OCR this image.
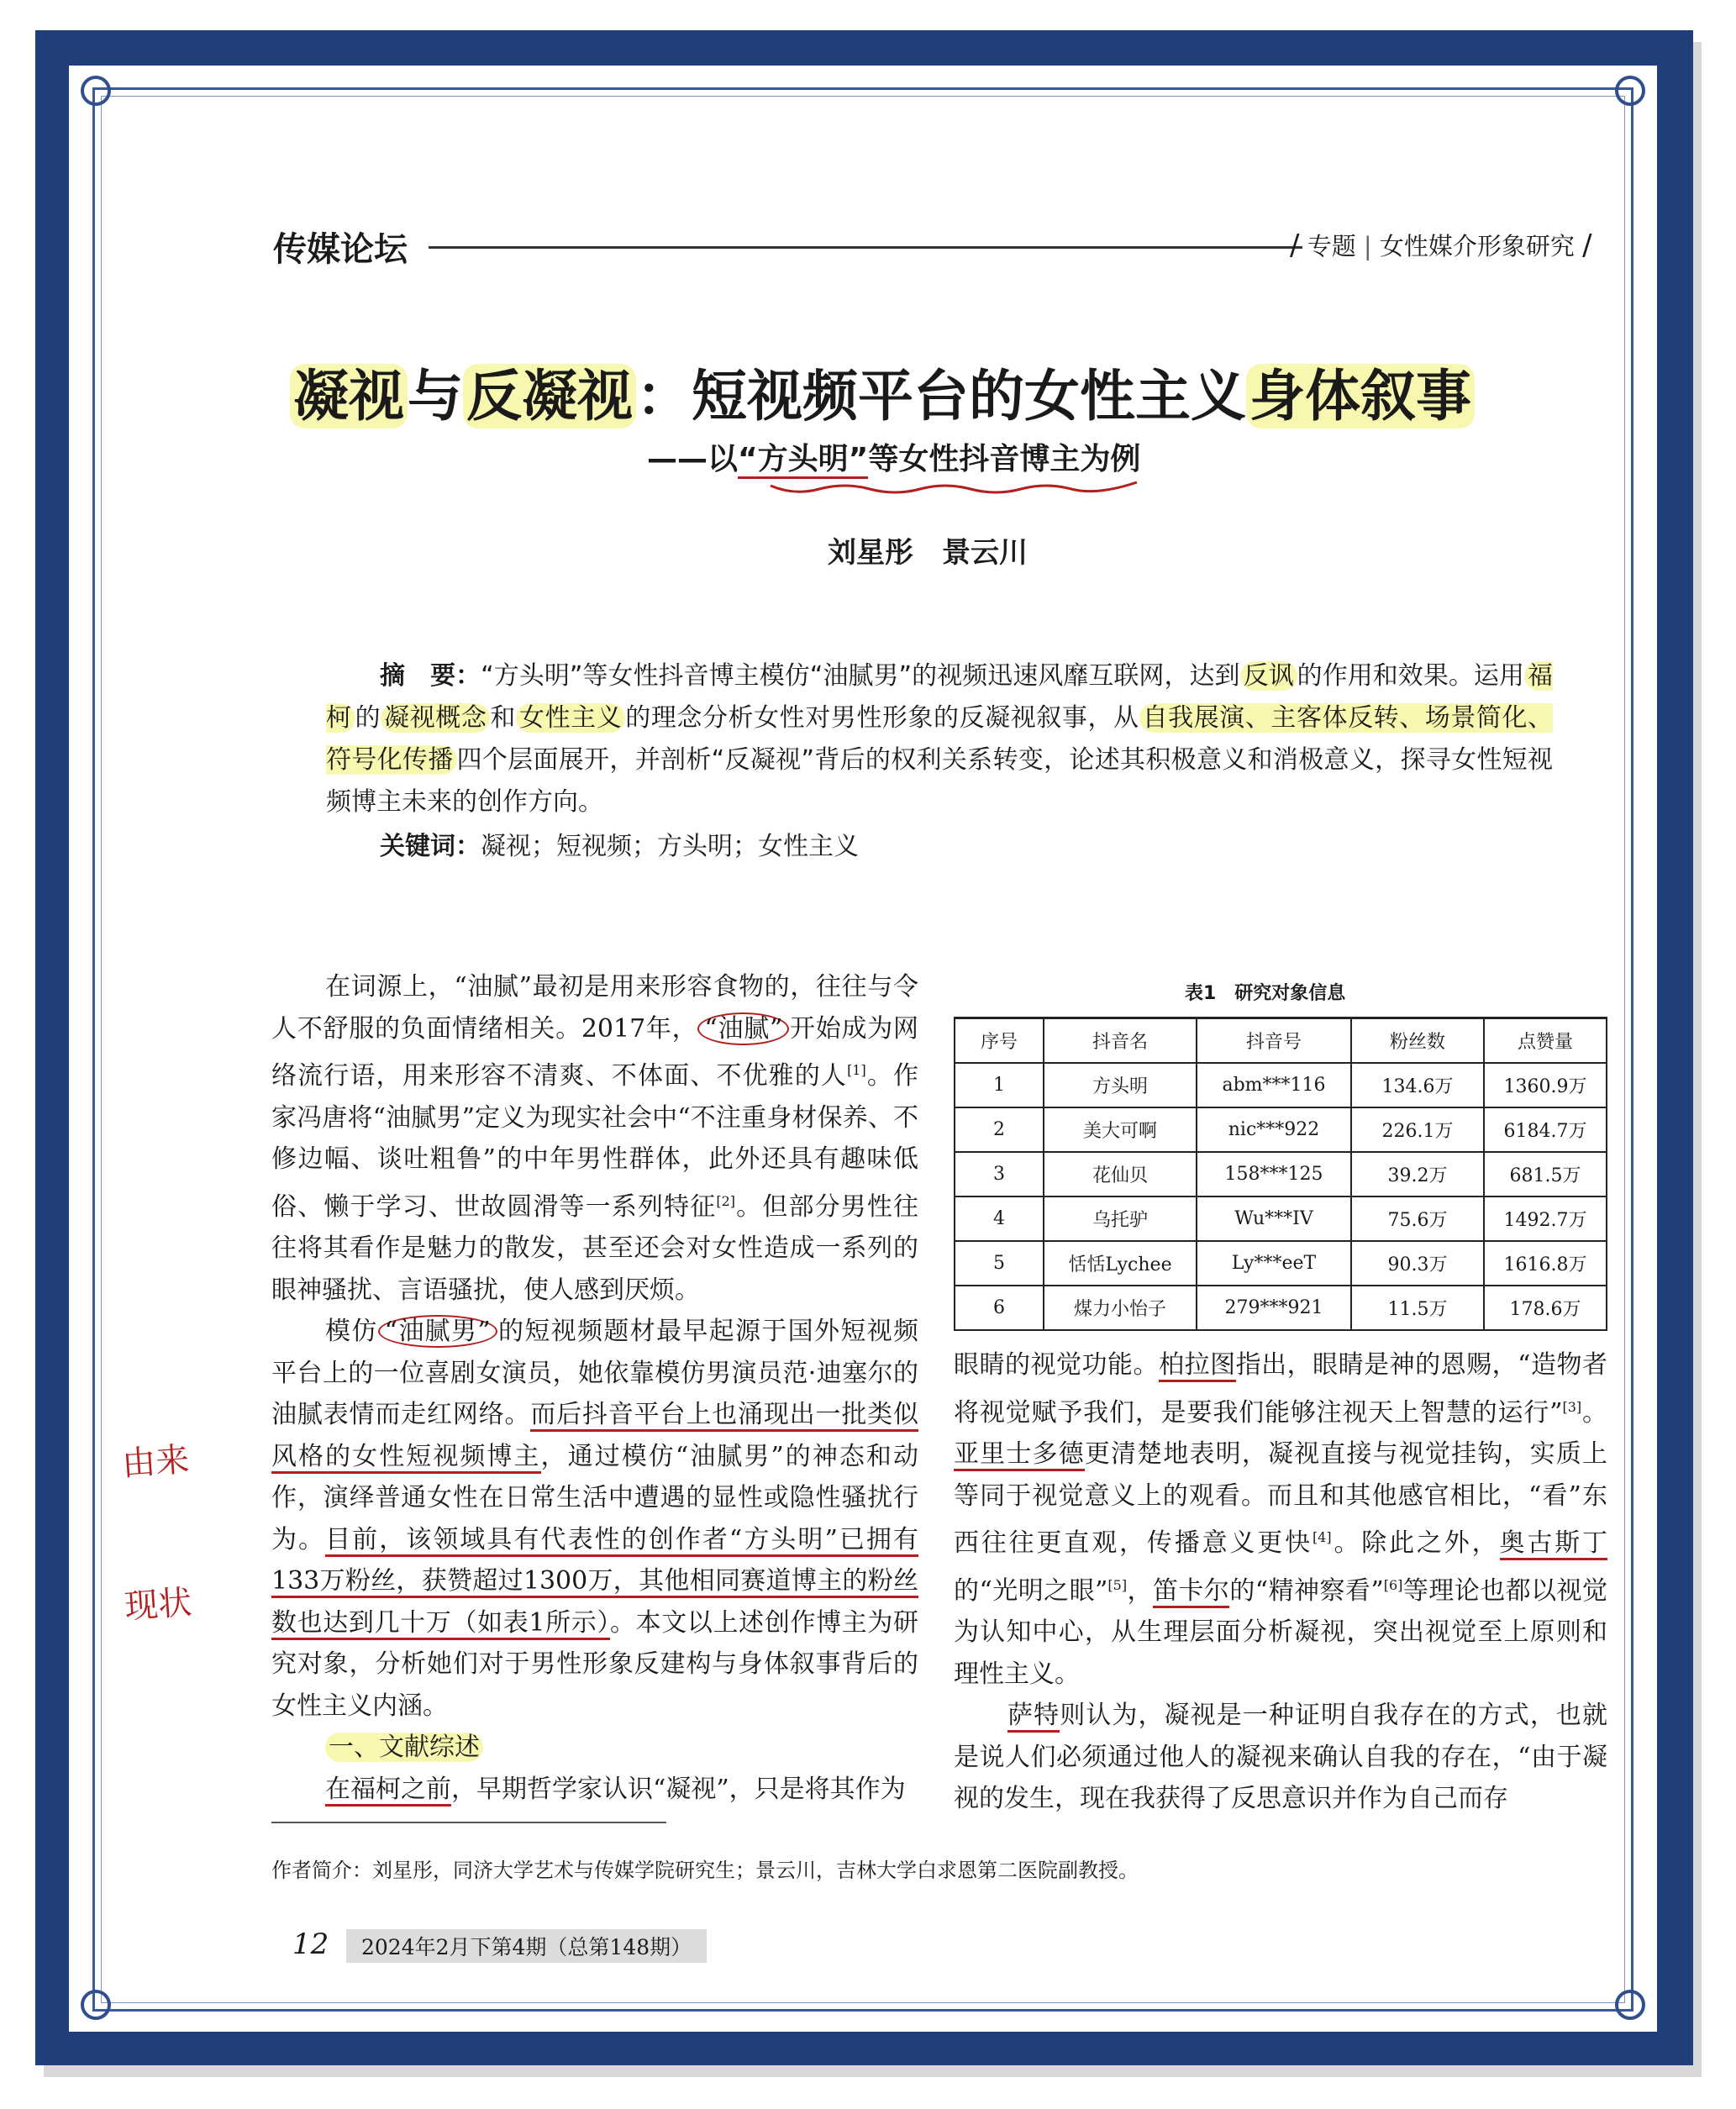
传媒论坛	/ 专题 | 女性媒介形象研究 /
凝视与反凝视：短视频平台的女性主义身体叙事
——以“方头明”等女性抖音博主为例
刘星彤　景云川
摘　要：“方头明”等女性抖音博主模仿“油腻男”的视频迅速风靡互联网，达到 反讽 的作用和效果。运用 福柯 的 凝视概念 和 女性主义 的理念分析女性对男性形象的反凝视叙事，从 自我展演、主客体反转、场景简化、符号化传播 四个层面展开，并剖析“反凝视”背后的权利关系转变，论述其积极意义和消极意义，探寻女性短视频博主未来的创作方向。
关键词：凝视；短视频；方头明；女性主义

在词源上，“油腻”最初是用来形容食物的，往往与令人不舒服的负面情绪相关。2017年， “油腻” 开始成为网络流行语，用来形容不清爽、不体面、不优雅的人[1]。作家冯唐将“油腻男”定义为现实社会中“不注重身材保养、不修边幅、谈吐粗鲁”的中年男性群体，此外还具有趣味低俗、懒于学习、世故圆滑等一系列特征[2]。但部分男性往往将其看作是魅力的散发，甚至还会对女性造成一系列的眼神骚扰、言语骚扰，使人感到厌烦。

模仿 “油腻男” 的短视频题材最早起源于国外短视频平台上的一位喜剧女演员，她依靠模仿男演员范·迪塞尔的油腻表情而走红网络。而后抖音平台上也涌现出一批类似风格的女性短视频博主，通过模仿“油腻男”的神态和动作，演绎普通女性在日常生活中遭遇的显性或隐性骚扰行为。目前，该领域具有代表性的创作者“方头明”已拥有133万粉丝，获赞超过1300万，其他相同赛道博主的粉丝数也达到几十万（如表1所示）。本文以上述创作博主为研究对象，分析她们对于男性形象反建构与身体叙事背后的女性主义内涵。

一、文献综述

在福柯之前，早期哲学家认识“凝视”，只是将其作为

由来
现状
表1　研究对象信息
序号	抖音名	抖音号	粉丝数	点赞量
1	方头明	abm***116	134.6万	1360.9万
2	美大可啊	nic***922	226.1万	6184.7万
3	花仙贝	158***125	39.2万	681.5万
4	乌托驴	Wu***IV	75.6万	1492.7万
5	恬恬Lychee	Ly***eeT	90.3万	1616.8万
6	煤力小怡子	279***921	11.5万	178.6万

眼睛的视觉功能。柏拉图指出，眼睛是神的恩赐，“造物者将视觉赋予我们，是要我们能够注视天上智慧的运行”[3]。亚里士多德更清楚地表明，凝视直接与视觉挂钩，实质上等同于视觉意义上的观看。而且和其他感官相比，“看”东西往往更直观，传播意义更快[4]。除此之外，奥古斯丁的“光明之眼”[5]，笛卡尔的“精神察看”[6]等理论也都以视觉为认知中心，从生理层面分析凝视，突出视觉至上原则和理性主义。

萨特则认为，凝视是一种证明自我存在的方式，也就是说人们必须通过他人的凝视来确认自我的存在，“由于凝视的发生，现在我获得了反思意识并作为自己而存

作者简介：刘星彤，同济大学艺术与传媒学院研究生；景云川，吉林大学白求恩第二医院副教授。
12	2024年2月下第4期（总第148期）
